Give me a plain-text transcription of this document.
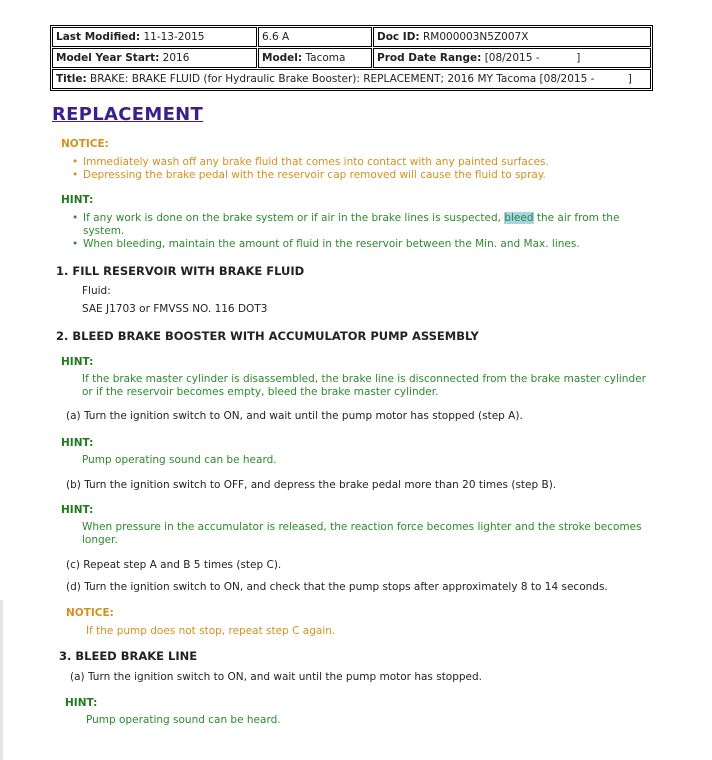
Last Modified: 11-13-2015	6.6 A	Doc ID: RM000003N5Z007X
Model Year Start: 2016	Model: Tacoma	Prod Date Range: [08/2015 -           ]
Title: BRAKE: BRAKE FLUID (for Hydraulic Brake Booster): REPLACEMENT; 2016 MY Tacoma [08/2015 -          ]		
REPLACEMENT
NOTICE:
• Immediately wash off any brake fluid that comes into contact with any painted surfaces.
• Depressing the brake pedal with the reservoir cap removed will cause the fluid to spray.
HINT:
• If any work is done on the brake system or if air in the brake lines is suspected, bleed the air from the system.
• When bleeding, maintain the amount of fluid in the reservoir between the Min. and Max. lines.
1. FILL RESERVOIR WITH BRAKE FLUID
Fluid:
SAE J1703 or FMVSS NO. 116 DOT3
2. BLEED BRAKE BOOSTER WITH ACCUMULATOR PUMP ASSEMBLY
HINT:
If the brake master cylinder is disassembled, the brake line is disconnected from the brake master cylinder or if the reservoir becomes empty, bleed the brake master cylinder.
(a) Turn the ignition switch to ON, and wait until the pump motor has stopped (step A).
HINT:
Pump operating sound can be heard.
(b) Turn the ignition switch to OFF, and depress the brake pedal more than 20 times (step B).
HINT:
When pressure in the accumulator is released, the reaction force becomes lighter and the stroke becomes longer.
(c) Repeat step A and B 5 times (step C).
(d) Turn the ignition switch to ON, and check that the pump stops after approximately 8 to 14 seconds.
NOTICE:
If the pump does not stop, repeat step C again.
3. BLEED BRAKE LINE
(a) Turn the ignition switch to ON, and wait until the pump motor has stopped.
HINT:
Pump operating sound can be heard.
